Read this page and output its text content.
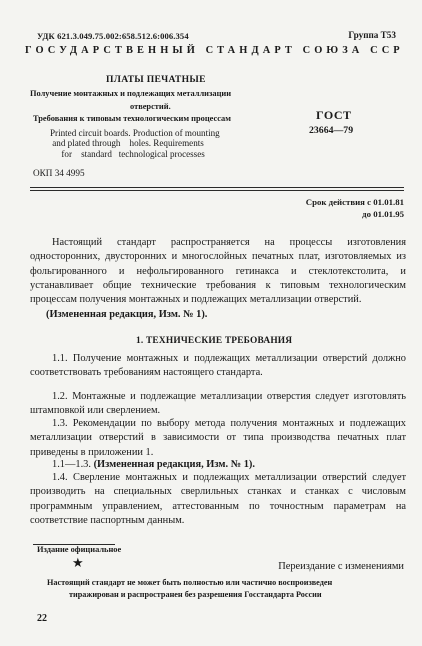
УДК 621.3.049.75.002:658.512.6:006.354	Группа Т53
ГОСУДАРСТВЕННЫЙ СТАНДАРТ СОЮЗА ССР
ПЛАТЫ ПЕЧАТНЫЕ
Получение монтажных и подлежащих металлизации
отверстий.
Требования к типовым технологическим процессам
Printed circuit boards. Production of mounting
and plated through    holes. Requirements
for    standard   technological processes
ГОСТ
23664—79
ОКП 34 4995
Срок действия с 01.01.81
до 01.01.95
Настоящий стандарт распространяется на процессы изготовления односторонних, двусторонних и многослойных печатных плат, изготовляемых из фольгированного и нефольгированного гетинакса и стеклотекстолита, и устанавливает общие технические требования к типовым технологическим процессам получения монтажных и подлежащих металлизации отверстий.
(Измененная редакция, Изм. № 1).
1. ТЕХНИЧЕСКИЕ ТРЕБОВАНИЯ
1.1. Получение монтажных и подлежащих металлизации отверстий должно соответствовать требованиям настоящего стандарта.
1.2. Монтажные и подлежащие металлизации отверстия следует изготовлять штамповкой или сверлением.
1.3. Рекомендации по выбору метода получения монтажных и подлежащих металлизации отверстий в зависимости от типа производства печатных плат приведены в приложении 1.
1.1—1.3. (Измененная редакция, Изм. № 1).
1.4. Сверление монтажных и подлежащих металлизации отверстий следует производить на специальных сверлильных станках и станках с числовым программным управлением, аттестованным по точностным параметрам на соответствие паспортным данным.
Издание официальное
★	Переиздание с изменениями
Настоящий стандарт не может быть полностью или частично воспроизведен
тиражирован и распространен без разрешения Госстандарта России
22
